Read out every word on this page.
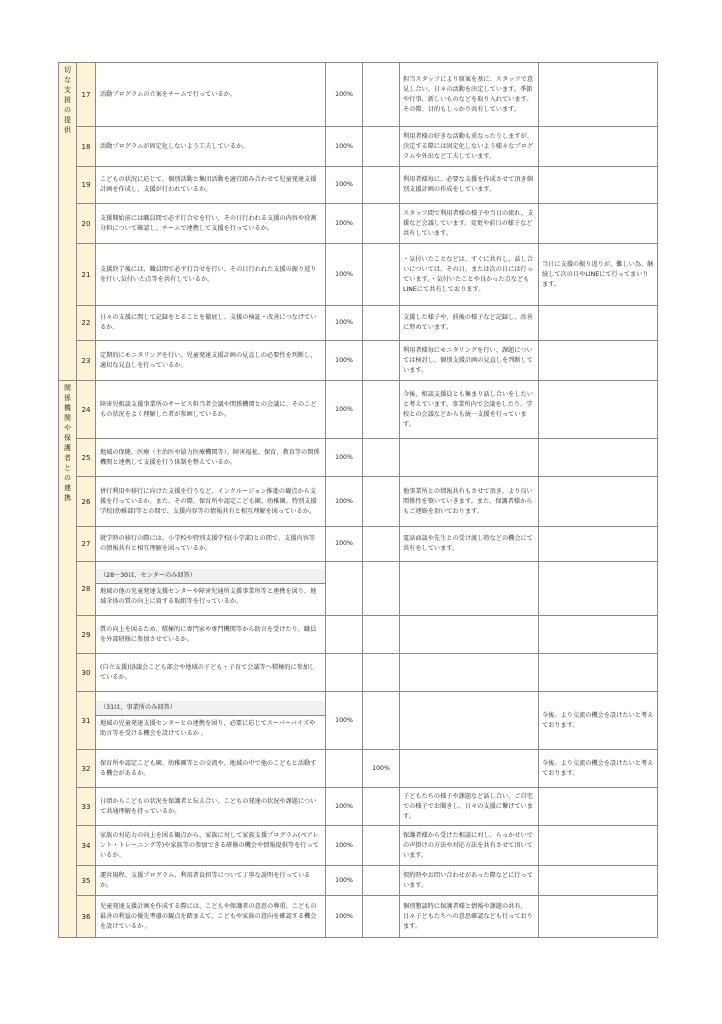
切な支援の提供	17	活動プログラムの立案をチームで行っているか。	100%		担当スタッフにより原案を基に、スタッフで意見し合い、日々の活動を決定しています。季節や行事、新しいものなどを取り入れています。その際、目的もしっかり共有しています。	
	18	活動プログラムが固定化しないよう工夫しているか。	100%		利用者様の好きな活動も重なったりしますが、決定する際には固定化しないよう様々なプログラムや外出など工夫しています。	
	19	こどもの状況に応じて、個別活動と集団活動を適宜組み合わせて児童発達支援計画を作成し、支援が行われているか。	100%		利用者様毎に、必要な支援を作成させて頂き個別支援計画の作成をしています。	
	20	支援開始前には職員間で必ず打合せを行い、その日行われる支援の内容や役割分担について確認し、チームで連携して支援を行っているか。	100%		スタッフ間で利用者様の様子や当日の流れ、支援など会議しています。変更や前日の様子など共有しています。	
	21	支援終了後には、職員間で必ず打合せを行い、その日行われた支援の振り返りを行い,気付いた点等を共有しているか。	100%		・気付いたことなどは、すぐに共有し、話し合いについては、その日、または次の日には行っています。・気付いたことや良かった点などもLINEにて共有しております。	当日に支援の振り返りが、難しい為、継続して次の日やLINEにて行ってまいります。
	22	日々の支援に関して記録をとることを徹底し、支援の検証・改善につなげているか。	100%		支援した様子や、前後の様子など記録し、改善に努めています。	
	23	定期的にモニタリングを行い、児童発達支援計画の見直しの必要性を判断し、適切な見直しを行っているか。	100%		利用者様毎にモニタリングを行い、課題については検討し、個別支援計画の見直しを判断しています。	

関係機関や保護者との連携	24	障害児相談支援事業所のサービス担当者会議や関係機関との会議に、そのこどもの状況をよく理解した者が参画しているか。	100%		今後、相談支援員とも集まり話し合いをしたいと考えています。事業所内で会議をしたり、学校との会議などからも統一支援を行っています。	
	25	地域の保健、医療（主治医や協力医療機関等）、障害福祉、保育、教育等の関係機関と連携して支援を行う体制を整えているか。	100%			
	26	併行利用や移行に向けた支援を行うなど、インクルージョン推進の観点から支援を行っているか。また、その際、保育所や認定こども園、幼稚園、特別支援学校(幼稚部)等との間で、支援内容等の情報共有と相互理解を図っているか。	100%		他事業所との情報共有もさせて頂き、より良い関係性を築いていきます。また、保護者様からもご連絡を頂いております。	
	27	就学時の移行の際には、小学校や特別支援学校(小学部)との間で、支援内容等の情報共有と相互理解を図っているか。	100%		電話面談や先生との受け渡し時などの機会にて共有をしています。	
	28	（28～30は、センターのみ回答）
地域の他の児童発達支援センターや障害児通所支援事業所等と連携を図り、地域全体の質の向上に資する取組等を行っているか。				

	29	質の向上を図るため、積極的に専門家や専門機関等から助言を受けたり、職員を外部研修に参加させているか。				

	30	(自立支援)協議会こども部会や地域の子ども・子育て会議等へ積極的に参加しているか。				

	31	（31は、事業所のみ回答）
地域の児童発達支援センターとの連携を図り、必要に応じてスーパーバイズや助言等を受ける機会を設けているか 。	100%			今後、より交流の機会を設けたいと考えております。
	32	保育所や認定こども園、幼稚園等との交流や、地域の中で他のこどもと活動する機会があるか。		100%		今後、より交流の機会を設けたいと考えております。
	33	日頃からこどもの状況を保護者と伝え合い、こどもの発達の状況や課題について共通理解を持っているか。	100%		子どもたちの様子や課題など話し合い、ご自宅での様子でお聞きし、日々の支援に繋げています。	
	34	家族の対応力の向上を図る観点から、家族に対して家族支援プログラム(ペアレント・トレーニング等)や家族等の参加できる研修の機会や情報提供等を行っているか。	100%		保護者様から受けた相談に対し、らっかせいでの声掛けの方法や対応方法を共有させて頂いています。	
	35	運営規程、支援プログラム、利用者負担等について丁寧な説明を行っているか。	100%		契約時やお問い合わせがあった際などに行っています。	
	36	児童発達支援計画を作成する際には、こどもや保護者の意思の尊重、こどもの最善の利益の優先考慮の観点を踏まえて、こどもや家族の意向を確認する機会を設けているか 。	100%		個別懇談時に保護者様と情報や課題の共有、日々子どもたちへの意思確認なども行っております。	
